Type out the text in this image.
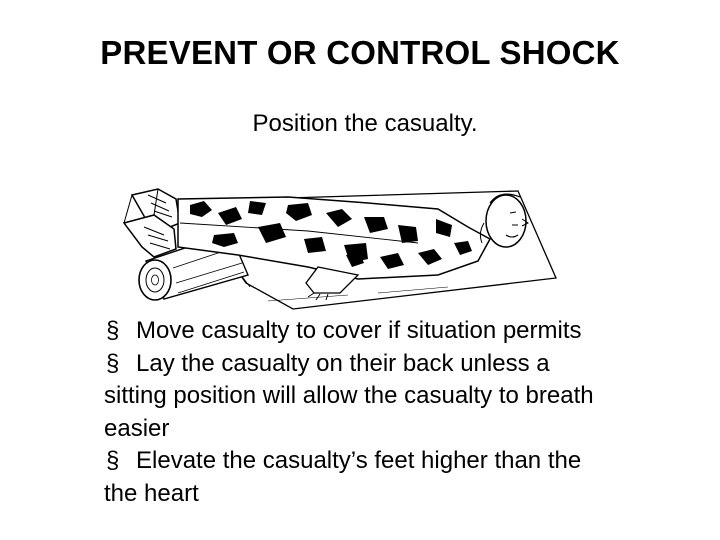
PREVENT OR CONTROL SHOCK
Position the casualty.
§ Move casualty to cover if situation permits
§ Lay the casualty on their back unless a
sitting position will allow the casualty to breath
easier
§ Elevate the casualty’s feet higher than the
the heart
